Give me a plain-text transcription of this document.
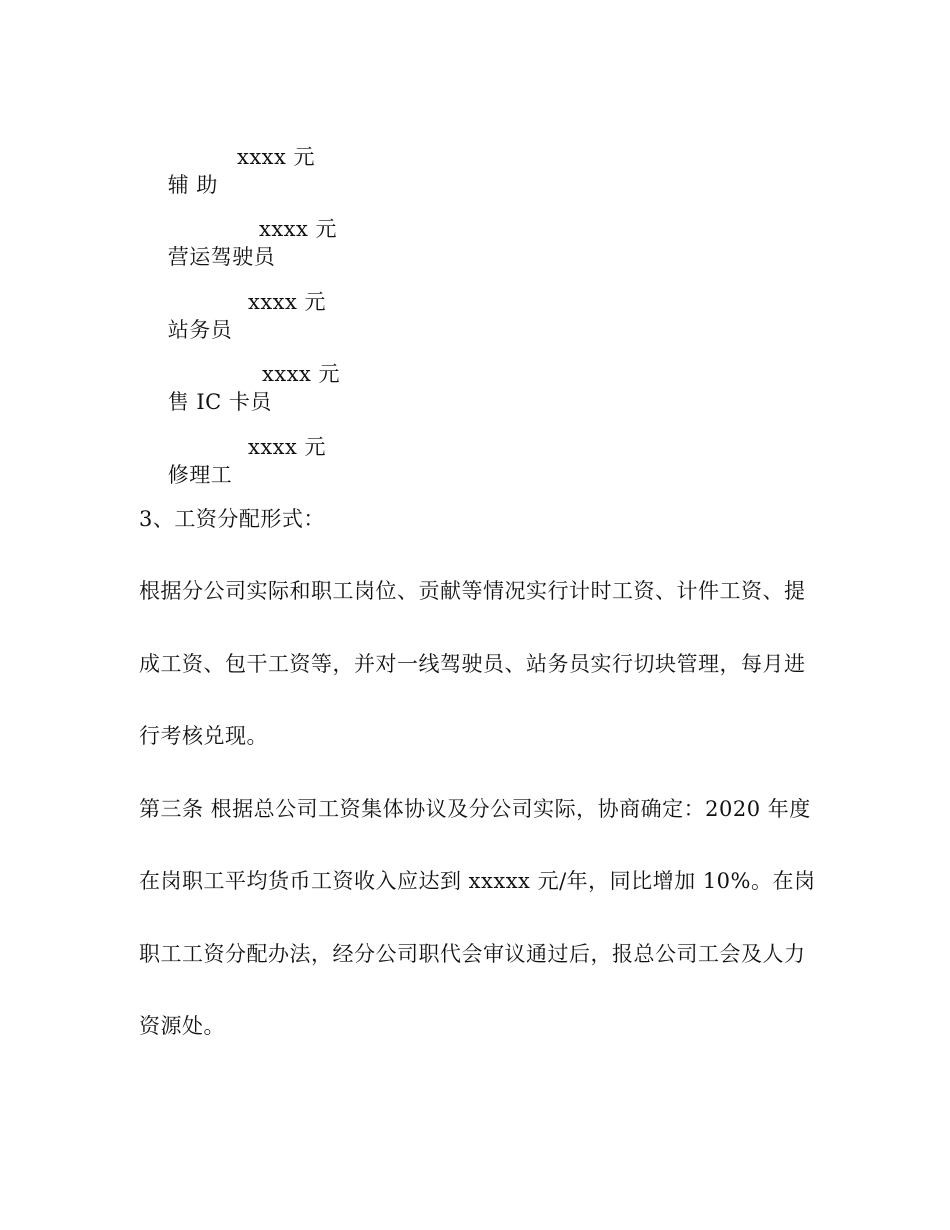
辅 助

xxxx 元

营运驾驶员

xxxx 元

站务员

xxxx 元

售 IC 卡员

xxxx 元

修理工

xxxx 元

3、工资分配形式：
根据分公司实际和职工岗位、贡献等情况实行计时工资、计件工资、提
成工资、包干工资等，并对一线驾驶员、站务员实行切块管理，每月进
行考核兑现。
第三条 根据总公司工资集体协议及分公司实际，协商确定：2020 年度
在岗职工平均货币工资收入应达到 xxxxx 元/年，同比增加 10%。在岗
职工工资分配办法，经分公司职代会审议通过后，报总公司工会及人力
资源处。
